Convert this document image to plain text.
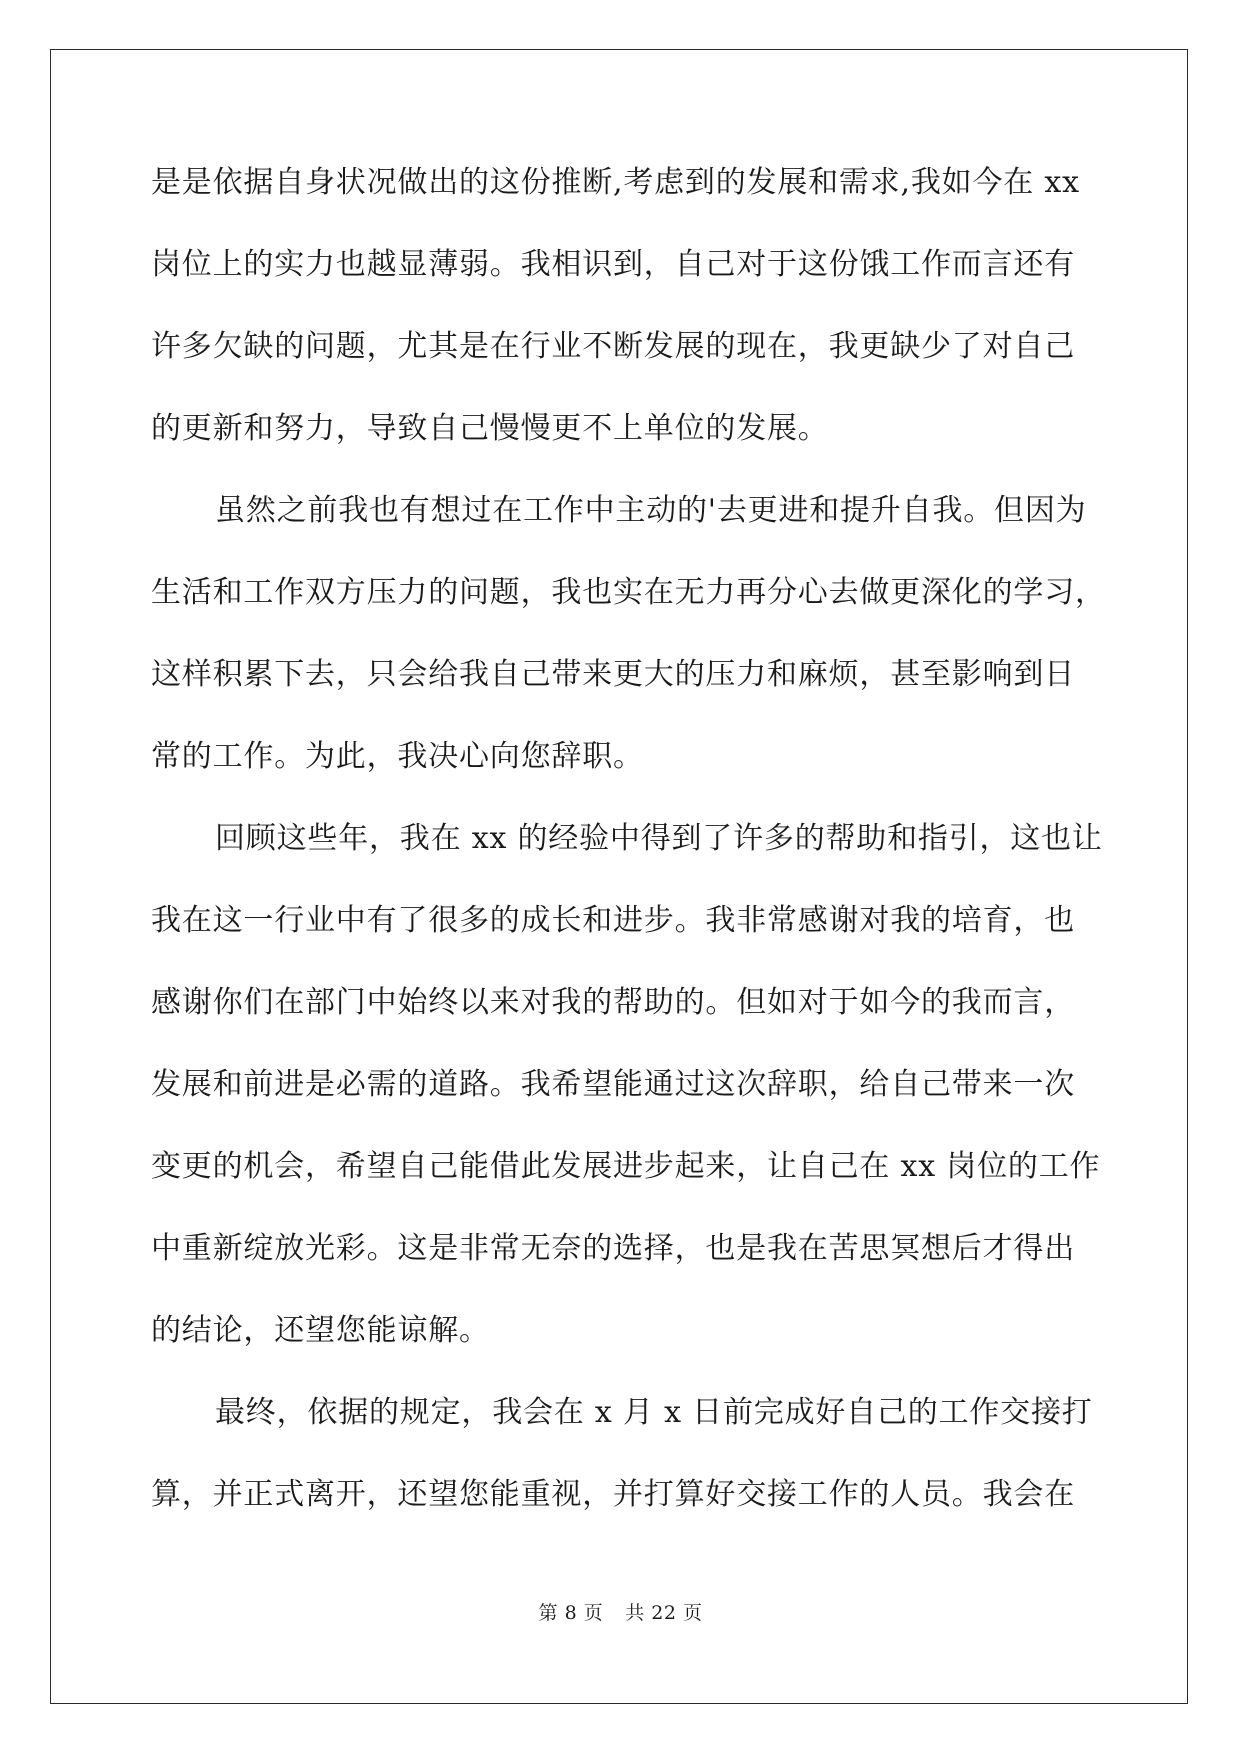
是是依据自身状况做出的这份推断,考虑到的发展和需求,我如今在 xx
岗位上的实力也越显薄弱。我相识到，自己对于这份饿工作而言还有
许多欠缺的问题，尤其是在行业不断发展的现在，我更缺少了对自己
的更新和努力，导致自己慢慢更不上单位的发展。
虽然之前我也有想过在工作中主动的'去更进和提升自我。但因为
生活和工作双方压力的问题，我也实在无力再分心去做更深化的学习，
这样积累下去，只会给我自己带来更大的压力和麻烦，甚至影响到日
常的工作。为此，我决心向您辞职。
回顾这些年，我在 xx 的经验中得到了许多的帮助和指引，这也让
我在这一行业中有了很多的成长和进步。我非常感谢对我的培育，也
感谢你们在部门中始终以来对我的帮助的。但如对于如今的我而言，
发展和前进是必需的道路。我希望能通过这次辞职，给自己带来一次
变更的机会，希望自己能借此发展进步起来，让自己在 xx 岗位的工作
中重新绽放光彩。这是非常无奈的选择，也是我在苦思冥想后才得出
的结论，还望您能谅解。
最终，依据的规定，我会在 x 月 x 日前完成好自己的工作交接打
算，并正式离开，还望您能重视，并打算好交接工作的人员。我会在
第 8 页 共 22 页
